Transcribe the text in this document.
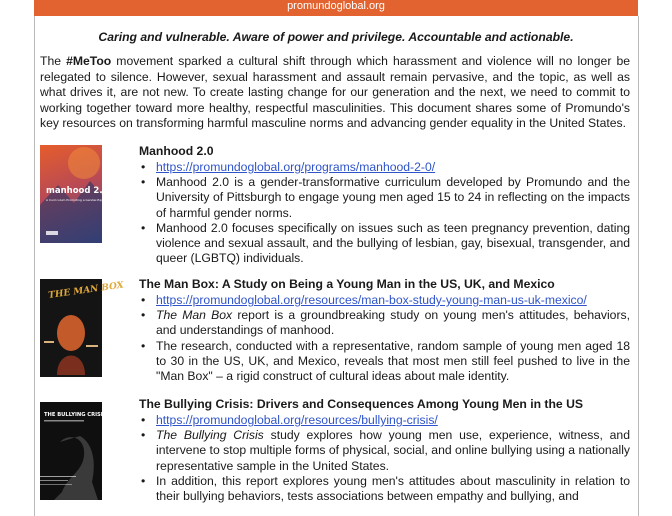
promundoglobal.org
Caring and vulnerable. Aware of power and privilege. Accountable and actionable.

The #MeToo movement sparked a cultural shift through which harassment and violence will no longer be relegated to silence. However, sexual harassment and assault remain pervasive, and the topic, as well as what drives it, are not new. To create lasting change for our generation and the next, we need to commit to working together toward more healthy, respectful masculinities. This document shares some of Promundo's key resources on transforming harmful masculine norms and advancing gender equality in the United States.

manhood 2.0
A Curriculum Promoting a Gender-Equitable Future of Manhood

Manhood 2.0

• https://promundoglobal.org/programs/manhood-2-0/
• Manhood 2.0 is a gender-transformative curriculum developed by Promundo and the University of Pittsburgh to engage young men aged 15 to 24 in reflecting on the impacts of harmful gender norms.
• Manhood 2.0 focuses specifically on issues such as teen pregnancy prevention, dating violence and sexual assault, and the bullying of lesbian, gay, bisexual, transgender, and queer (LGBTQ) individuals.
THE MAN BOX The Man Box: A Study on Being a Young Man in the US, UK, and Mexico

• https://promundoglobal.org/resources/man-box-study-young-man-us-uk-mexico/
• The Man Box report is a groundbreaking study on young men's attitudes, behaviors, and understandings of manhood.
• The research, conducted with a representative, random sample of young men aged 18 to 30 in the US, UK, and Mexico, reveals that most men still feel pushed to live in the "Man Box" – a rigid construct of cultural ideas about male identity.
THE BULLYING CRISIS

The Bullying Crisis: Drivers and Consequences Among Young Men in the US

• https://promundoglobal.org/resources/bullying-crisis/
• The Bullying Crisis study explores how young men use, experience, witness, and intervene to stop multiple forms of physical, social, and online bullying using a nationally representative sample in the United States.
• In addition, this report explores young men's attitudes about masculinity in relation to their bullying behaviors, tests associations between empathy and bullying, and
